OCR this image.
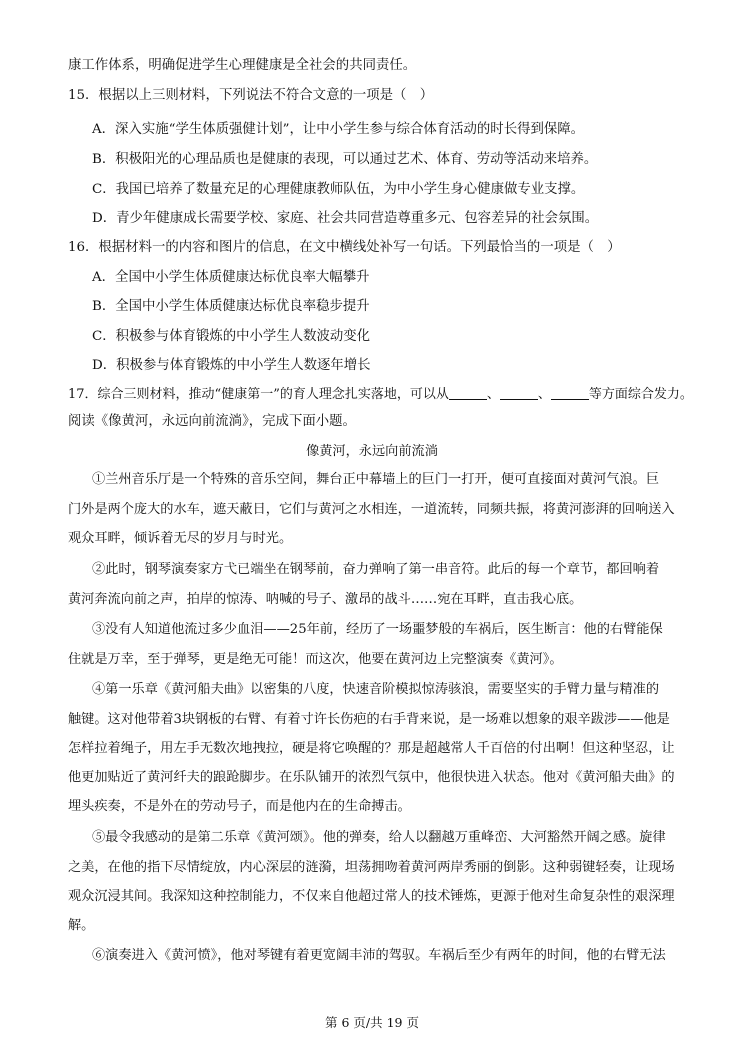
康工作体系，明确促进学生心理健康是全社会的共同责任。
15．根据以上三则材料，下列说法不符合文意的一项是（　）
A．深入实施“学生体质强健计划”，让中小学生参与综合体育活动的时长得到保障。
B．积极阳光的心理品质也是健康的表现，可以通过艺术、体育、劳动等活动来培养。
C．我国已培养了数量充足的心理健康教师队伍，为中小学生身心健康做专业支撑。
D．青少年健康成长需要学校、家庭、社会共同营造尊重多元、包容差异的社会氛围。
16．根据材料一的内容和图片的信息，在文中横线处补写一句话。下列最恰当的一项是（　）
A．全国中小学生体质健康达标优良率大幅攀升
B．全国中小学生体质健康达标优良率稳步提升
C．积极参与体育锻炼的中小学生人数波动变化
D．积极参与体育锻炼的中小学生人数逐年增长
17．综合三则材料，推动“健康第一”的育人理念扎实落地，可以从	、	、	等方面综合发力。
阅读《像黄河，永远向前流淌》，完成下面小题。
像黄河，永远向前流淌
①兰州音乐厅是一个特殊的音乐空间，舞台正中幕墙上的巨门一打开，便可直接面对黄河气浪。巨
门外是两个庞大的水车，遮天蔽日，它们与黄河之水相连，一道流转，同频共振，将黄河澎湃的回响送入
观众耳畔，倾诉着无尽的岁月与时光。
②此时，钢琴演奏家方弋已端坐在钢琴前，奋力弹响了第一串音符。此后的每一个章节，都回响着
黄河奔流向前之声，拍岸的惊涛、呐喊的号子、激昂的战斗……宛在耳畔，直击我心底。
③没有人知道他流过多少血泪——25年前，经历了一场噩梦般的车祸后，医生断言：他的右臂能保
住就是万幸，至于弹琴，更是绝无可能！而这次，他要在黄河边上完整演奏《黄河》。
④第一乐章《黄河船夫曲》以密集的八度，快速音阶模拟惊涛骇浪，需要坚实的手臂力量与精准的
触键。这对他带着3块钢板的右臂、有着寸许长伤疤的右手背来说，是一场难以想象的艰辛跋涉——他是
怎样拉着绳子，用左手无数次地拽拉，硬是将它唤醒的？那是超越常人千百倍的付出啊！但这种坚忍，让
他更加贴近了黄河纤夫的踉跄脚步。在乐队铺开的浓烈气氛中，他很快进入状态。他对《黄河船夫曲》的
埋头疾奏，不是外在的劳动号子，而是他内在的生命搏击。
⑤最令我感动的是第二乐章《黄河颂》。他的弹奏，给人以翻越万重峰峦、大河豁然开阔之感。旋律
之美，在他的指下尽情绽放，内心深层的涟漪，坦荡拥吻着黄河两岸秀丽的倒影。这种弱键轻奏，让现场
观众沉浸其间。我深知这种控制能力，不仅来自他超过常人的技术锤炼，更源于他对生命复杂性的艰深理
解。
⑥演奏进入《黄河愤》，他对琴键有着更宽阔丰沛的驾驭。车祸后至少有两年的时间，他的右臂无法
第 6 页/共 19 页
